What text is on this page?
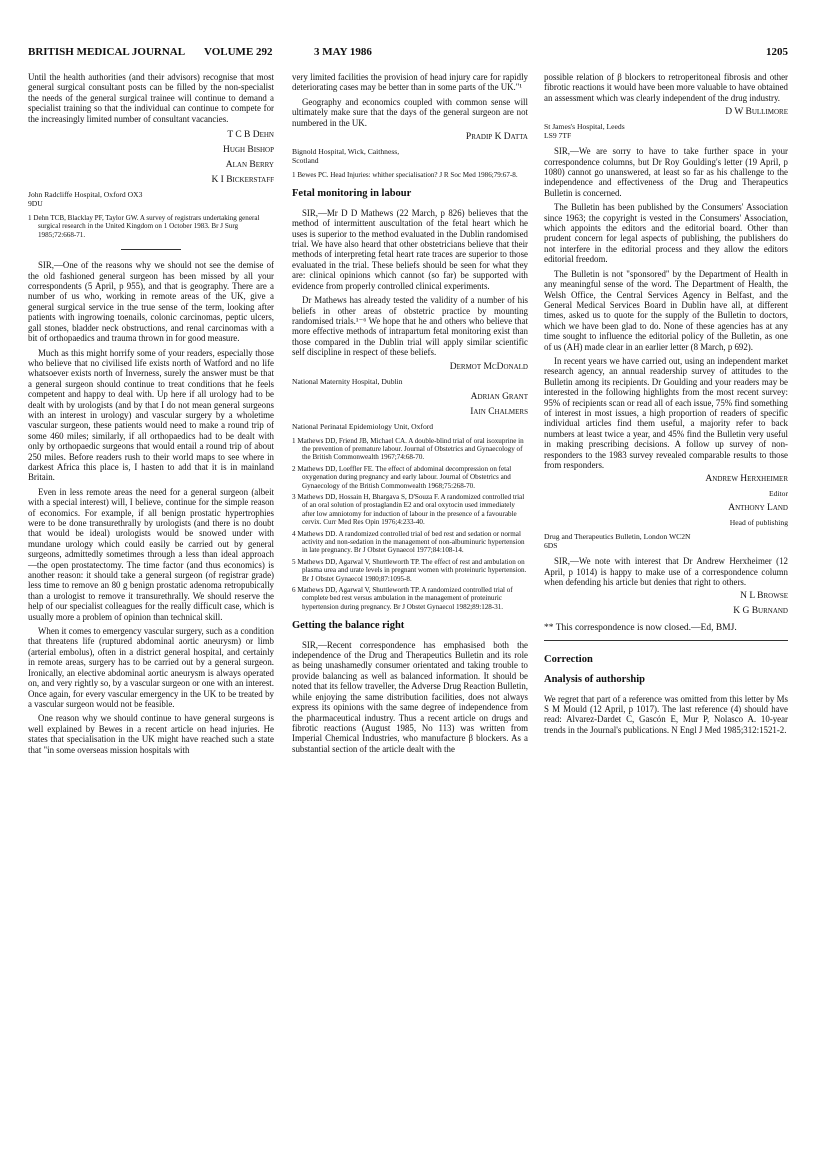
BRITISH MEDICAL JOURNAL VOLUME 292	3 MAY 1986	1205

Until the health authorities (and their advisors) recognise that most general surgical consultant posts can be filled by the non-specialist the needs of the general surgical trainee will continue to demand a specialist training so that the individual can continue to compete for the increasingly limited number of consultant vacancies.

T C B Dehn

Hugh Bishop

Alan Berry

K I Bickerstaff

John Radcliffe Hospital, Oxford OX3 9DU
1 Dehn TCB, Blacklay PF, Taylor GW. A survey of registrars undertaking general surgical research in the United Kingdom on 1 October 1983. Br J Surg 1985;72:668-71.

SIR,—One of the reasons why we should not see the demise of the old fashioned general surgeon has been missed by all your correspondents (5 April, p 955), and that is geography. There are a number of us who, working in remote areas of the UK, give a general surgical service in the true sense of the term, looking after patients with ingrowing toenails, colonic carcinomas, peptic ulcers, gall stones, bladder neck obstructions, and renal carcinomas with a bit of orthopaedics and trauma thrown in for good measure.

Much as this might horrify some of your readers, especially those who believe that no civilised life exists north of Watford and no life whatsoever exists north of Inverness, surely the answer must be that a general surgeon should continue to treat conditions that he feels competent and happy to deal with. Up here if all urology had to be dealt with by urologists (and by that I do not mean general surgeons with an interest in urology) and vascular surgery by a wholetime vascular surgeon, these patients would need to make a round trip of some 460 miles; similarly, if all orthopaedics had to be dealt with only by orthopaedic surgeons that would entail a round trip of about 250 miles. Before readers rush to their world maps to see where in darkest Africa this place is, I hasten to add that it is in mainland Britain.

Even in less remote areas the need for a general surgeon (albeit with a special interest) will, I believe, continue for the simple reason of economics. For example, if all benign prostatic hypertrophies were to be done transurethrally by urologists (and there is no doubt that would be ideal) urologists would be snowed under with mundane urology which could easily be carried out by general surgeons, admittedly sometimes through a less than ideal approach—the open prostatectomy. The time factor (and thus economics) is another reason: it should take a general surgeon (of registrar grade) less time to remove an 80 g benign prostatic adenoma retropubically than a urologist to remove it transurethrally. We should reserve the help of our specialist colleagues for the really difficult case, which is usually more a problem of opinion than technical skill.

When it comes to emergency vascular surgery, such as a condition that threatens life (ruptured abdominal aortic aneurysm) or limb (arterial embolus), often in a district general hospital, and certainly in remote areas, surgery has to be carried out by a general surgeon. Ironically, an elective abdominal aortic aneurysm is always operated on, and very rightly so, by a vascular surgeon or one with an interest. Once again, for every vascular emergency in the UK to be treated by a vascular surgeon would not be feasible.

One reason why we should continue to have general surgeons is well explained by Bewes in a recent article on head injuries. He states that specialisation in the UK might have reached such a state that "in some overseas mission hospitals with

very limited facilities the provision of head injury care for rapidly deteriorating cases may be better than in some parts of the UK."¹

Geography and economics coupled with common sense will ultimately make sure that the days of the general surgeon are not numbered in the UK.

Pradip K Datta

Bignold Hospital, Wick, Caithness, Scotland
1 Bewes PC. Head Injuries: whither specialisation? J R Soc Med 1986;79:67-8.
Fetal monitoring in labour

SIR,—Mr D D Mathews (22 March, p 826) believes that the method of intermittent auscultation of the fetal heart which he uses is superior to the method evaluated in the Dublin randomised trial. We have also heard that other obstetricians believe that their methods of interpreting fetal heart rate traces are superior to those evaluated in the trial. These beliefs should be seen for what they are: clinical opinions which cannot (so far) be supported with evidence from properly controlled clinical experiments.

Dr Mathews has already tested the validity of a number of his beliefs in other areas of obstetric practice by mounting randomised trials.¹⁻⁶ We hope that he and others who believe that more effective methods of intrapartum fetal monitoring exist than those compared in the Dublin trial will apply similar scientific self discipline in respect of these beliefs.

Dermot McDonald

National Maternity Hospital, Dublin

Adrian Grant

Iain Chalmers

National Perinatal Epidemiology Unit, Oxford
1 Mathews DD, Friend JB, Michael CA. A double-blind trial of oral isoxuprine in the prevention of premature labour. Journal of Obstetrics and Gynaecology of the British Commonwealth 1967;74:68-70.
2 Mathews DD, Loeffler FE. The effect of abdominal decompression on fetal oxygenation during pregnancy and early labour. Journal of Obstetrics and Gynaecology of the British Commonwealth 1968;75:268-70.
3 Mathews DD, Hossain H, Bhargava S, D'Souza F. A randomized controlled trial of an oral solution of prostaglandin E2 and oral oxytocin used immediately after low amniotomy for induction of labour in the presence of a favourable cervix. Curr Med Res Opin 1976;4:233-40.
4 Mathews DD. A randomized controlled trial of bed rest and sedation or normal activity and non-sedation in the management of non-albuminuric hypertension in late pregnancy. Br J Obstet Gynaecol 1977;84:108-14.
5 Mathews DD, Agarwal V, Shuttleworth TP. The effect of rest and ambulation on plasma urea and urate levels in pregnant women with proteinuric hypertension. Br J Obstet Gynaecol 1980;87:1095-8.
6 Mathews DD, Agarwal V, Shuttleworth TP. A randomized controlled trial of complete bed rest versus ambulation in the management of proteinuric hypertension during pregnancy. Br J Obstet Gynaecol 1982;89:128-31.
Getting the balance right

SIR,—Recent correspondence has emphasised both the independence of the Drug and Therapeutics Bulletin and its role as being unashamedly consumer orientated and taking trouble to provide balancing as well as balanced information. It should be noted that its fellow traveller, the Adverse Drug Reaction Bulletin, while enjoying the same distribution facilities, does not always express its opinions with the same degree of independence from the pharmaceutical industry. Thus a recent article on drugs and fibrotic reactions (August 1985, No 113) was written from Imperial Chemical Industries, who manufacture β blockers. As a substantial section of the article dealt with the

possible relation of β blockers to retroperitoneal fibrosis and other fibrotic reactions it would have been more valuable to have obtained an assessment which was clearly independent of the drug industry.

D W Bullimore

St James's Hospital, Leeds LS9 7TF

SIR,—We are sorry to have to take further space in your correspondence columns, but Dr Roy Goulding's letter (19 April, p 1080) cannot go unanswered, at least so far as his challenge to the independence and effectiveness of the Drug and Therapeutics Bulletin is concerned.

The Bulletin has been published by the Consumers' Association since 1963; the copyright is vested in the Consumers' Association, which appoints the editors and the editorial board. Other than prudent concern for legal aspects of publishing, the publishers do not interfere in the editorial process and they allow the editors editorial freedom.

The Bulletin is not "sponsored" by the Department of Health in any meaningful sense of the word. The Department of Health, the Welsh Office, the Central Services Agency in Belfast, and the General Medical Services Board in Dublin have all, at different times, asked us to quote for the supply of the Bulletin to doctors, which we have been glad to do. None of these agencies has at any time sought to influence the editorial policy of the Bulletin, as one of us (AH) made clear in an earlier letter (8 March, p 692).

In recent years we have carried out, using an independent market research agency, an annual readership survey of attitudes to the Bulletin among its recipients. Dr Goulding and your readers may be interested in the following highlights from the most recent survey: 95% of recipients scan or read all of each issue, 75% find something of interest in most issues, a high proportion of readers of specific individual articles find them useful, a majority refer to back numbers at least twice a year, and 45% find the Bulletin very useful in making prescribing decisions. A follow up survey of non-responders to the 1983 survey revealed comparable results to those from responders.

Andrew Herxheimer

Editor

Anthony Land

Head of publishing
Drug and Therapeutics Bulletin, London WC2N 6DS

SIR,—We note with interest that Dr Andrew Herxheimer (12 April, p 1014) is happy to make use of a correspondence column when defending his article but denies that right to others.

N L Browse

K G Burnand

** This correspondence is now closed.—Ed, BMJ.

Correction
Analysis of authorship

We regret that part of a reference was omitted from this letter by Ms S M Mould (12 April, p 1017). The last reference (4) should have read: Alvarez-Dardet C, Gascón E, Mur P, Nolasco A. 10-year trends in the Journal's publications. N Engl J Med 1985;312:1521-2.
